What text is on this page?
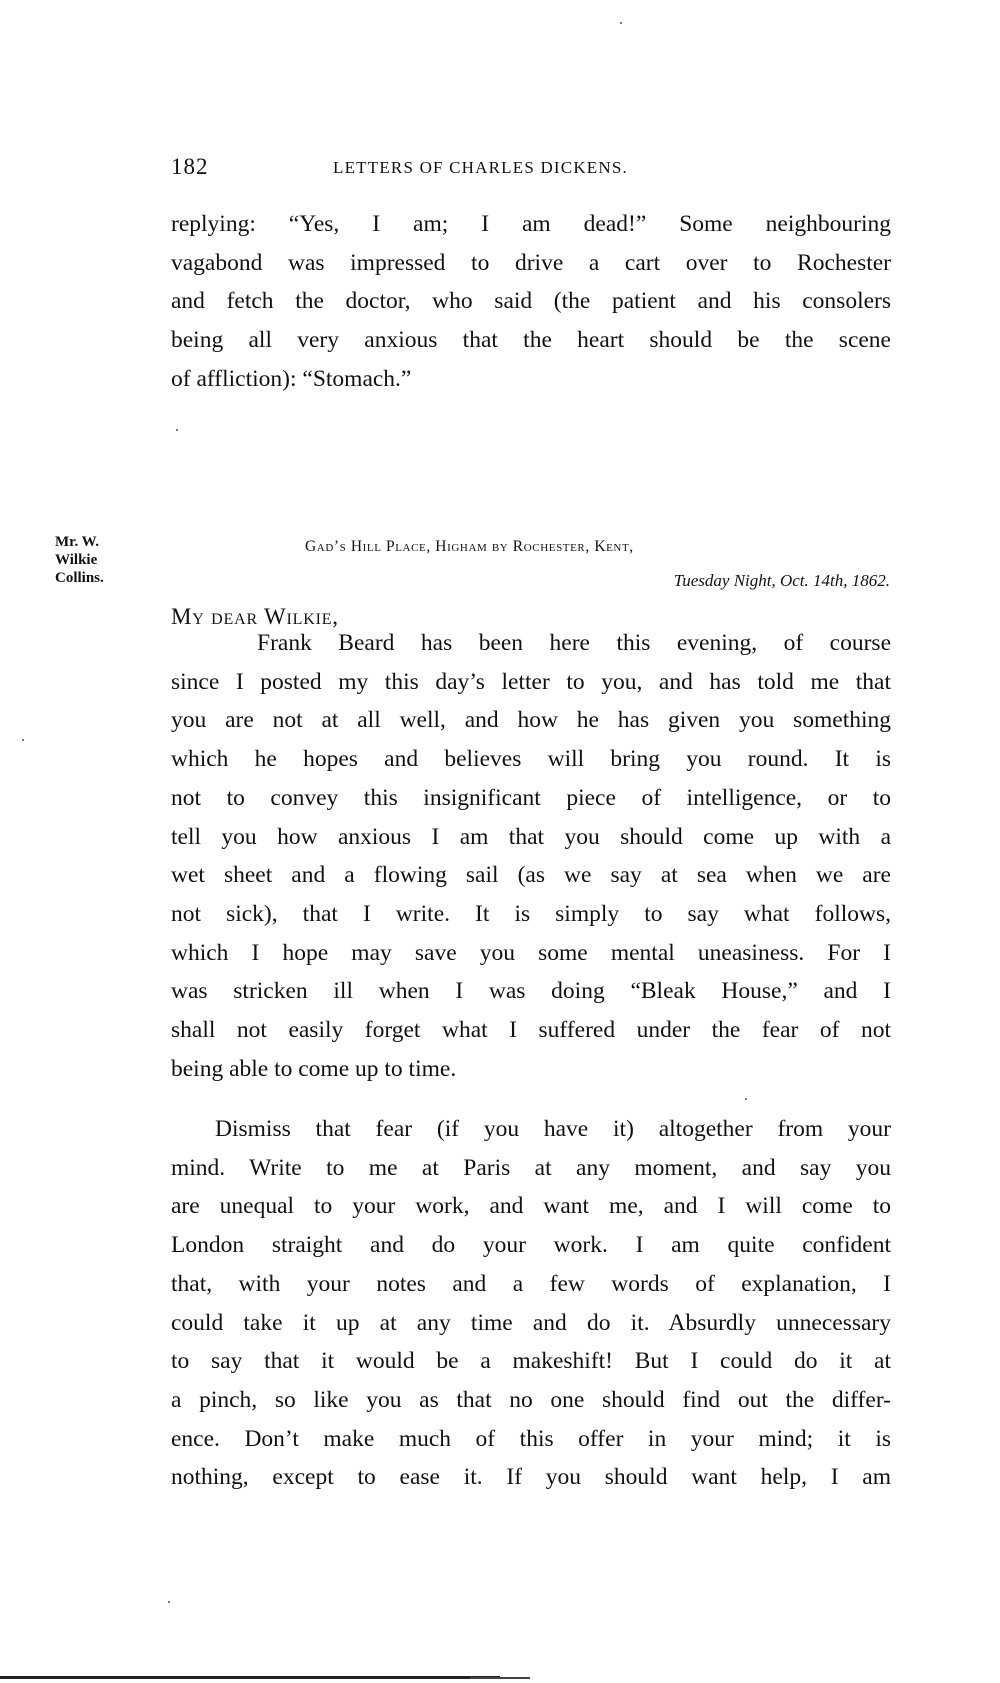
182	LETTERS OF CHARLES DICKENS.
replying: “Yes, I am; I am dead!” Some neighbouring
vagabond was impressed to drive a cart over to Rochester
and fetch the doctor, who said (the patient and his consolers
being all very anxious that the heart should be the scene
of affliction): “Stomach.”
Mr. W.
Wilkie
Collins.
Gad’s Hill Place, Higham by Rochester, Kent,
Tuesday Night, Oct. 14th, 1862.
My dear Wilkie,
Frank Beard has been here this evening, of course
since I posted my this day’s letter to you, and has told me that
you are not at all well, and how he has given you something
which he hopes and believes will bring you round. It is
not to convey this insignificant piece of intelligence, or to
tell you how anxious I am that you should come up with a
wet sheet and a flowing sail (as we say at sea when we are
not sick), that I write. It is simply to say what follows,
which I hope may save you some mental uneasiness. For I
was stricken ill when I was doing “Bleak House,” and I
shall not easily forget what I suffered under the fear of not
being able to come up to time.
Dismiss that fear (if you have it) altogether from your
mind. Write to me at Paris at any moment, and say you
are unequal to your work, and want me, and I will come to
London straight and do your work. I am quite confident
that, with your notes and a few words of explanation, I
could take it up at any time and do it. Absurdly unnecessary
to say that it would be a makeshift! But I could do it at
a pinch, so like you as that no one should find out the differ-
ence. Don’t make much of this offer in your mind; it is
nothing, except to ease it. If you should want help, I am
